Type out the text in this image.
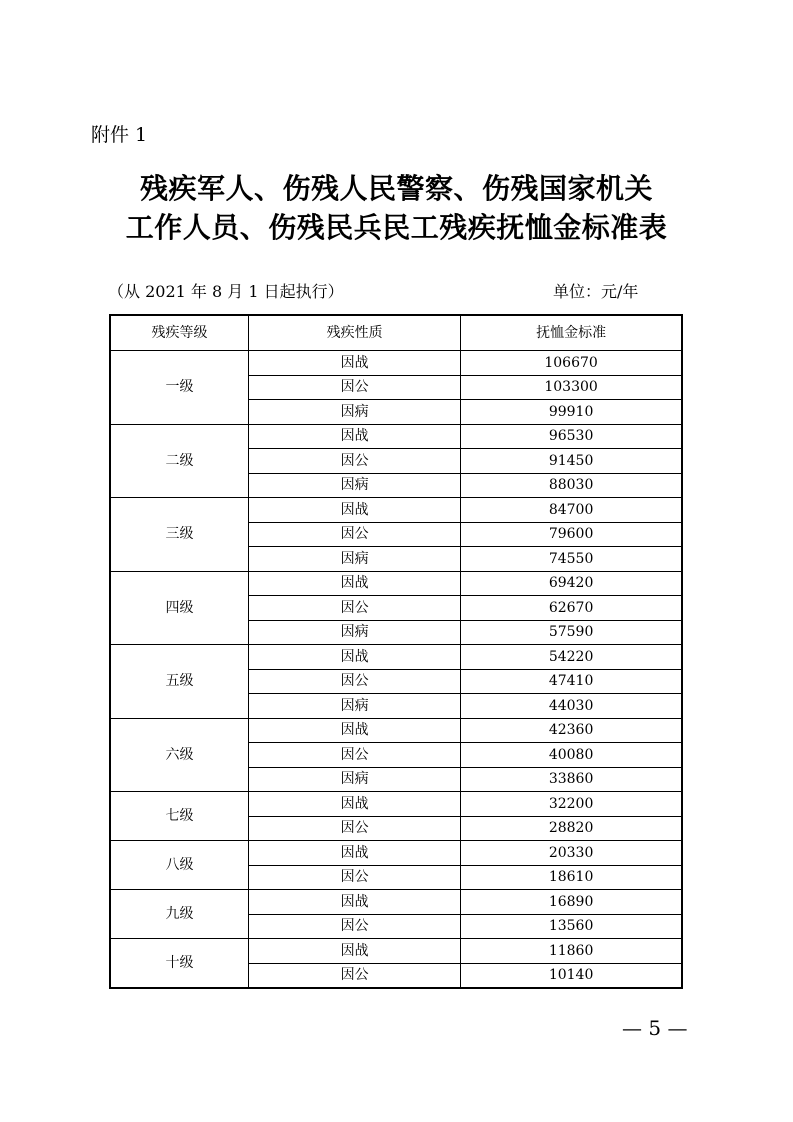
附件 1
残疾军人、伤残人民警察、伤残国家机关
工作人员、伤残民兵民工残疾抚恤金标准表
（从 2021 年 8 月 1 日起执行）	单位：元/年
残疾等级	残疾性质	抚恤金标准
一级	因战	106670
	因公	103300
	因病	99910
二级	因战	96530
	因公	91450
	因病	88030
三级	因战	84700
	因公	79600
	因病	74550
四级	因战	69420
	因公	62670
	因病	57590
五级	因战	54220
	因公	47410
	因病	44030
六级	因战	42360
	因公	40080
	因病	33860
七级	因战	32200
	因公	28820
八级	因战	20330
	因公	18610
九级	因战	16890
	因公	13560
十级	因战	11860
	因公	10140
— 5 —
